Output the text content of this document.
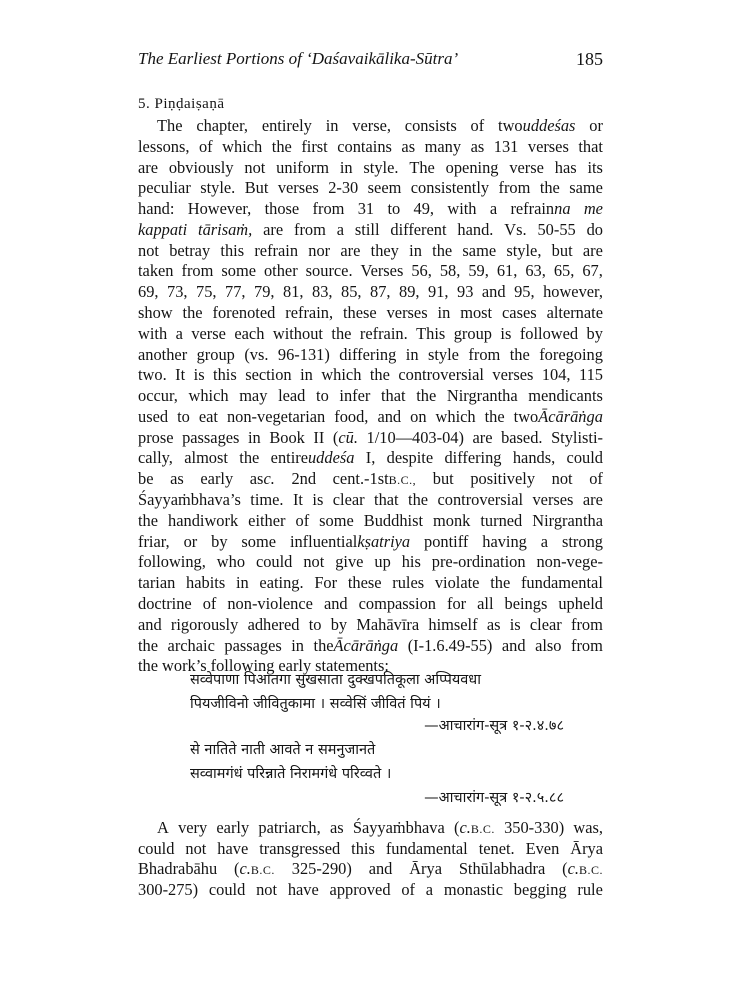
The Earliest Portions of ‘Daśavaikālika-Sūtra’	185
5. Piṇḍaiṣaṇā
The chapter, entirely in verse, consists of twouddeśas or
lessons, of which the first contains as many as 131 verses that
are obviously not uniform in style. The opening verse has its
peculiar style. But verses 2-30 seem consistently from the same
hand: However, those from 31 to 49, with a refrainna me
kappati tārisaṁ, are from a still different hand. Vs. 50-55 do
not betray this refrain nor are they in the same style, but are
taken from some other source. Verses 56, 58, 59, 61, 63, 65, 67,
69, 73, 75, 77, 79, 81, 83, 85, 87, 89, 91, 93 and 95, however,
show the forenoted refrain, these verses in most cases alternate
with a verse each without the refrain. This group is followed by
another group (vs. 96-131) differing in style from the foregoing
two. It is this section in which the controversial verses 104, 115
occur, which may lead to infer that the Nirgrantha mendicants
used to eat non-vegetarian food, and on which the twoĀcārāṅga
prose passages in Book II (cū. 1/10—403-04) are based. Stylisti-
cally, almost the entireuddeśa I, despite differing hands, could
be as early asc. 2nd cent.-1stB.C., but positively not of
Śayyaṁbhava’s time. It is clear that the controversial verses are
the handiwork either of some Buddhist monk turned Nirgrantha
friar, or by some influentialkṣatriya pontiff having a strong
following, who could not give up his pre-ordination non-vege-
tarian habits in eating. For these rules violate the fundamental
doctrine of non-violence and compassion for all beings upheld
and rigorously adhered to by Mahāvīra himself as is clear from
the archaic passages in theĀcārāṅga (I-1.6.49-55) and also from
the work’s following early statements:
सव्वेपाणा पिआतगा सुखसाता दुक्खपतिकूला अप्पियवधा
पियजीविनो जीवितुकामा । सव्वेसिं जीवितं पियं ।
—आचारांग-सूत्र १-२.४.७८
से नातिते नाती आवते न समनुजानते
सव्वामगंधं परिन्नाते निरामगंधे परिव्वते ।
—आचारांग-सूत्र १-२.५.८८
A very early patriarch, as Śayyaṁbhava (c.B.C. 350-330) was,
could not have transgressed this fundamental tenet. Even Ārya
Bhadrabāhu (c.B.C. 325-290) and Ārya Sthūlabhadra (c.B.C.
300-275) could not have approved of a monastic begging rule
